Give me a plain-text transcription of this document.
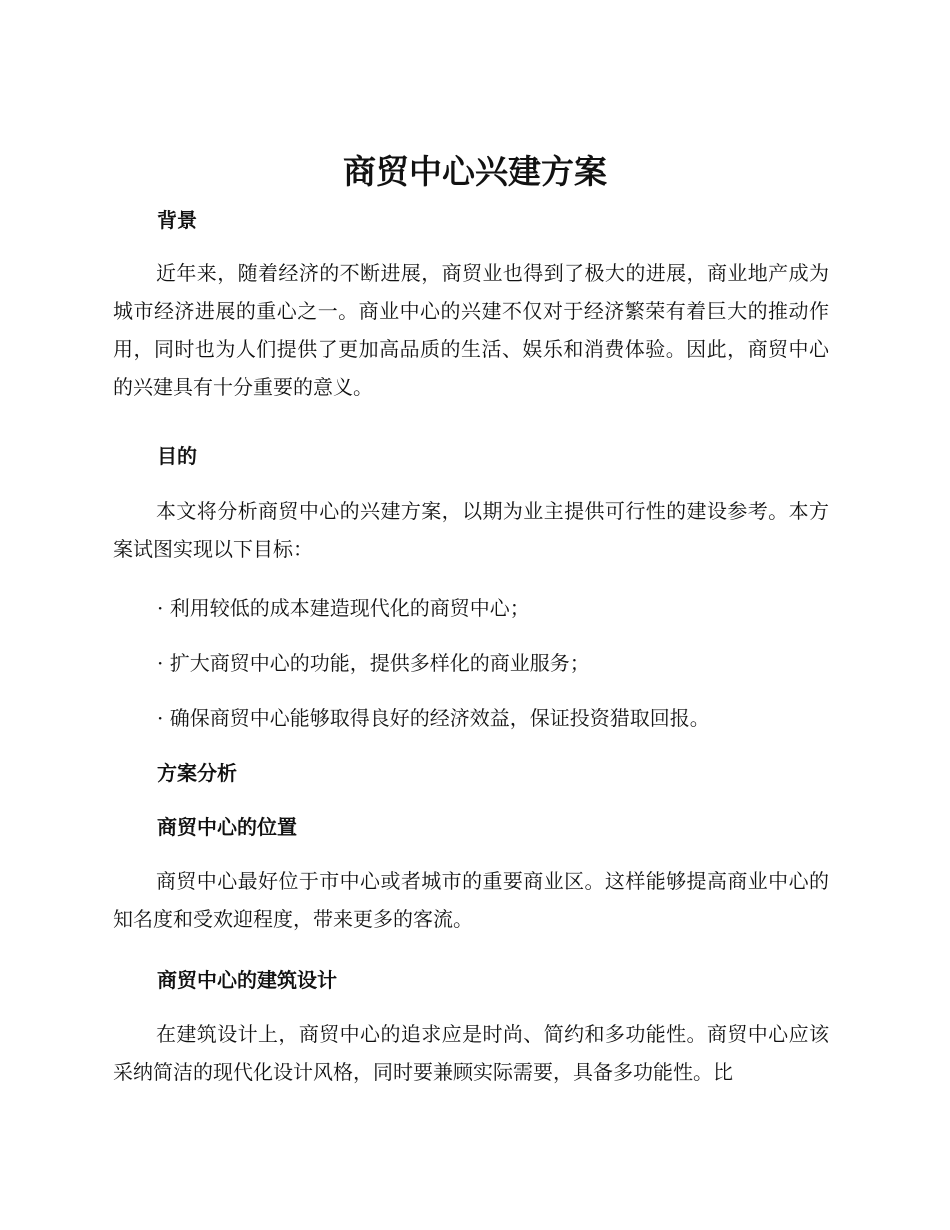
商贸中心兴建方案
背景

近年来，随着经济的不断进展，商贸业也得到了极大的进展，商业地产成为城市经济进展的重心之一。商业中心的兴建不仅对于经济繁荣有着巨大的推动作用，同时也为人们提供了更加高品质的生活、娱乐和消费体验。因此，商贸中心的兴建具有十分重要的意义。

目的

本文将分析商贸中心的兴建方案，以期为业主提供可行性的建设参考。本方案试图实现以下目标：

· 利用较低的成本建造现代化的商贸中心；

· 扩大商贸中心的功能，提供多样化的商业服务；

· 确保商贸中心能够取得良好的经济效益，保证投资猎取回报。

方案分析
商贸中心的位置

商贸中心最好位于市中心或者城市的重要商业区。这样能够提高商业中心的知名度和受欢迎程度，带来更多的客流。

商贸中心的建筑设计

在建筑设计上，商贸中心的追求应是时尚、简约和多功能性。商贸中心应该采纳简洁的现代化设计风格，同时要兼顾实际需要，具备多功能性。比
